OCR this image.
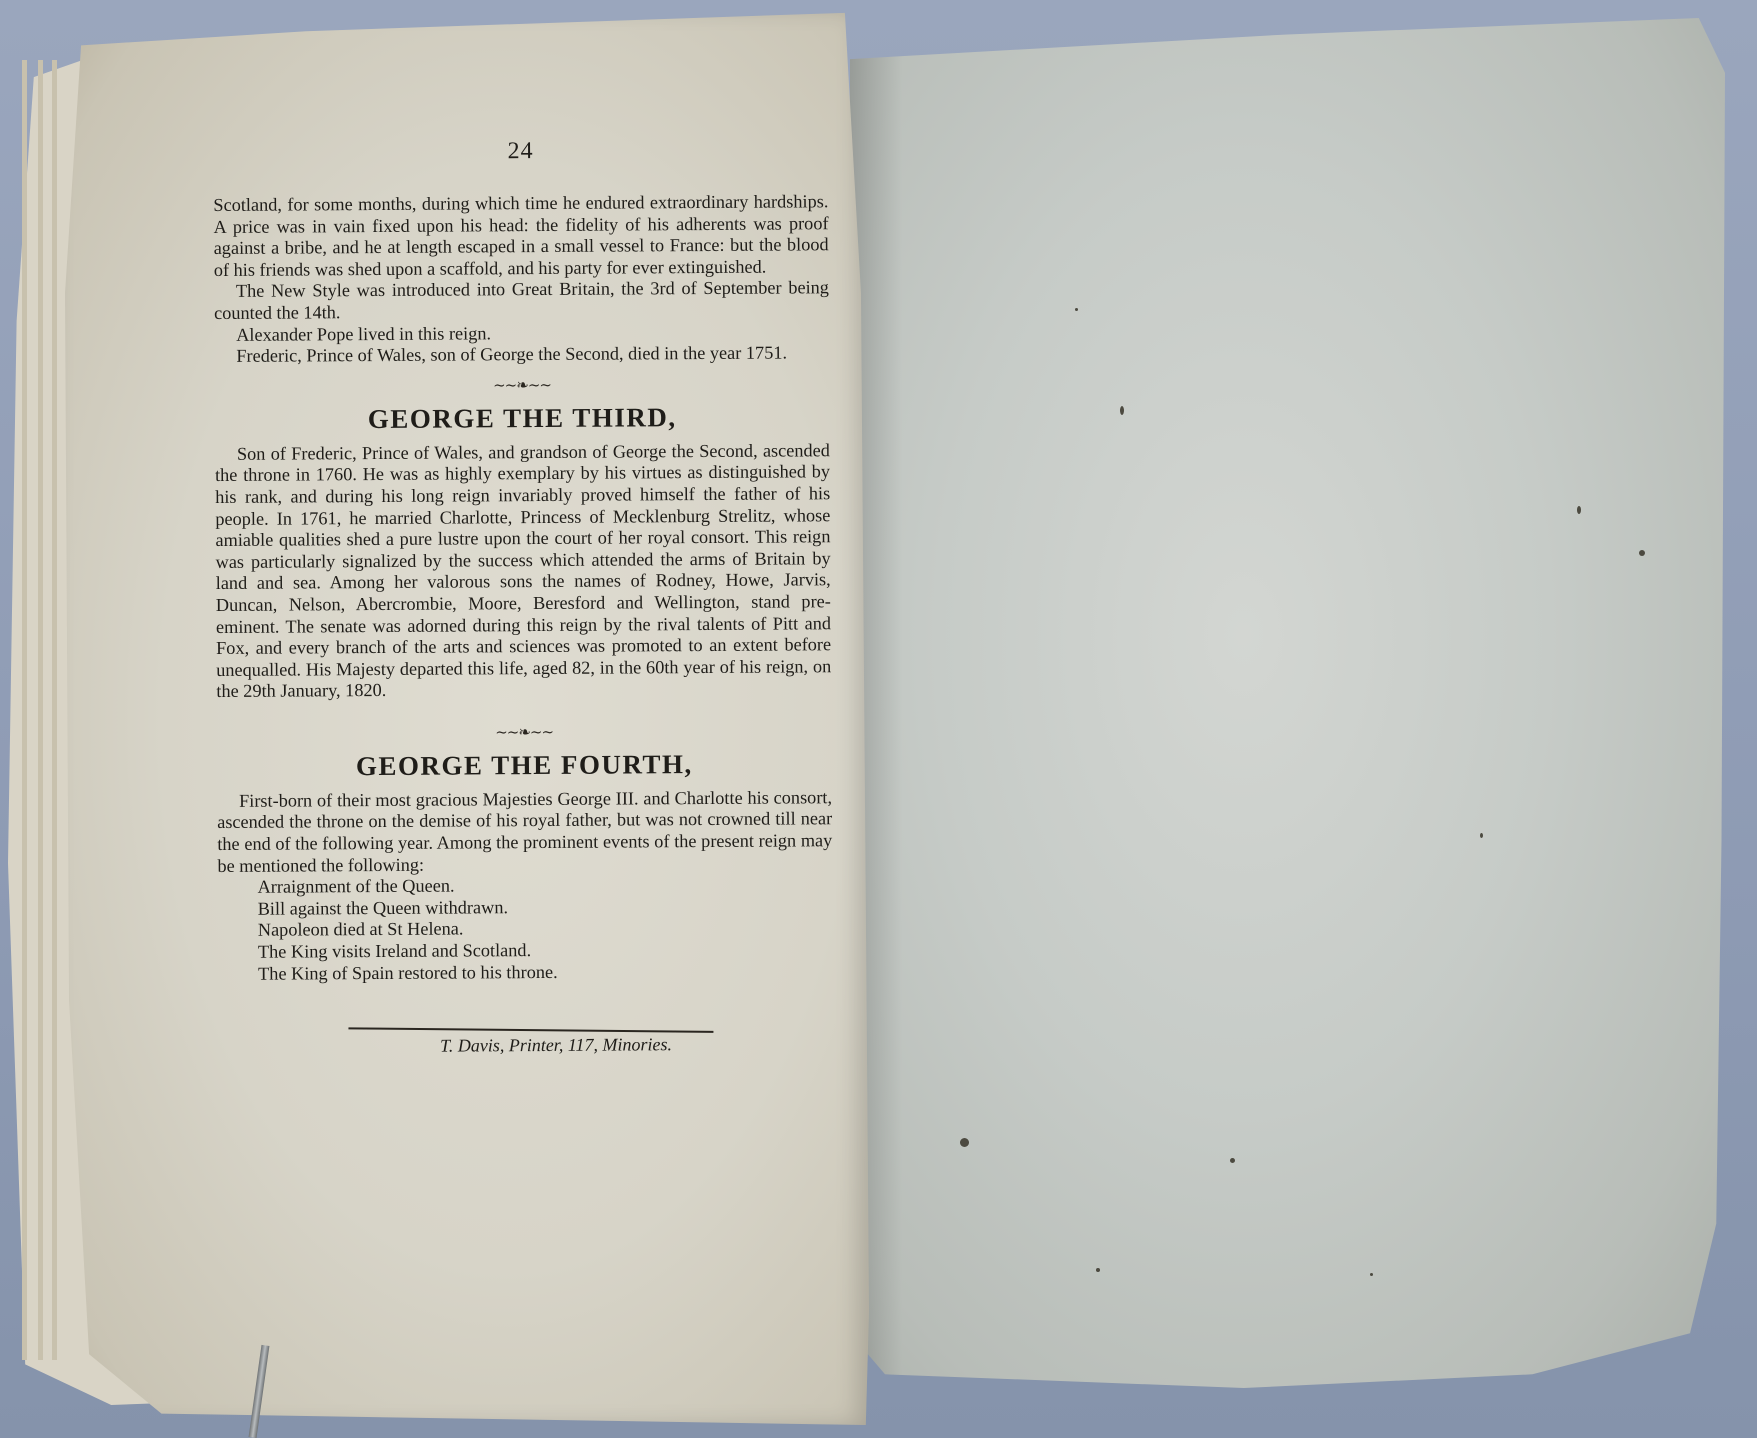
24

Scotland, for some months, during which time he endured extraordinary hardships. A price was in vain fixed upon his head: the fidelity of his adherents was proof against a bribe, and he at length escaped in a small vessel to France: but the blood of his friends was shed upon a scaffold, and his party for ever extinguished.

The New Style was introduced into Great Britain, the 3rd of September being counted the 14th.

Alexander Pope lived in this reign.

Frederic, Prince of Wales, son of George the Second, died in the year 1751.

∼∼❧∼∼
GEORGE THE THIRD,

Son of Frederic, Prince of Wales, and grandson of George the Second, ascended the throne in 1760. He was as highly exemplary by his virtues as distinguished by his rank, and during his long reign invariably proved himself the father of his people. In 1761, he married Charlotte, Princess of Mecklenburg Strelitz, whose amiable qualities shed a pure lustre upon the court of her royal consort. This reign was particularly signalized by the success which attended the arms of Britain by land and sea. Among her valorous sons the names of Rodney, Howe, Jarvis, Duncan, Nelson, Abercrombie, Moore, Beresford and Wellington, stand pre-eminent. The senate was adorned during this reign by the rival talents of Pitt and Fox, and every branch of the arts and sciences was promoted to an extent before unequalled. His Majesty departed this life, aged 82, in the 60th year of his reign, on the 29th January, 1820.

∼∼❧∼∼
GEORGE THE FOURTH,

First-born of their most gracious Majesties George III. and Charlotte his consort, ascended the throne on the demise of his royal father, but was not crowned till near the end of the following year. Among the prominent events of the present reign may be mentioned the following:

Arraignment of the Queen.
Bill against the Queen withdrawn.
Napoleon died at St Helena.
The King visits Ireland and Scotland.
The King of Spain restored to his throne.
T. Davis, Printer, 117, Minories.
